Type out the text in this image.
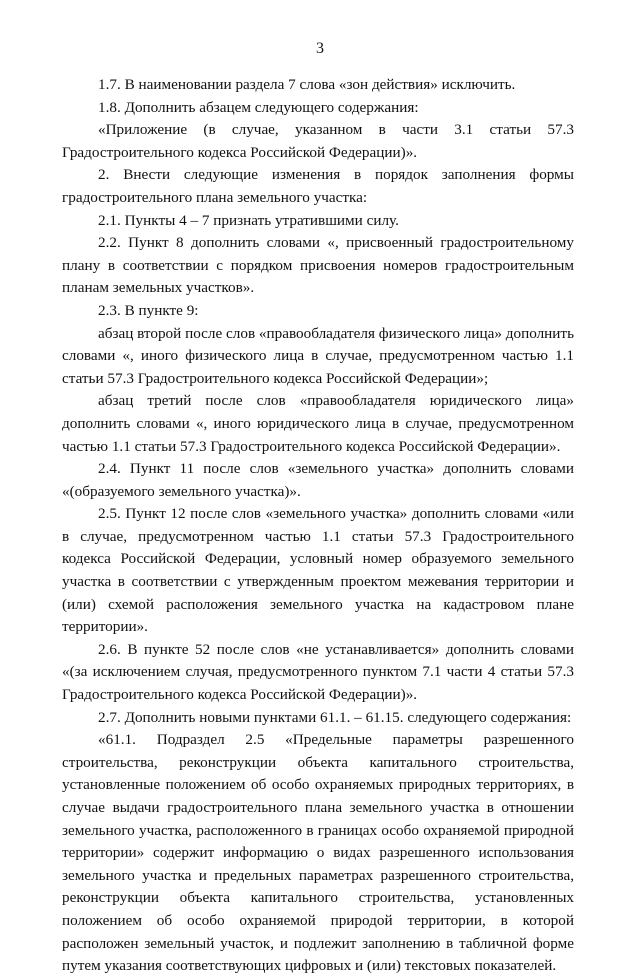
3

1.7. В наименовании раздела 7 слова «зон действия» исключить.

1.8. Дополнить абзацем следующего содержания:

«Приложение (в случае, указанном в части 3.1 статьи 57.3 Градостроительного кодекса Российской Федерации)».

2. Внести следующие изменения в порядок заполнения формы градостроительного плана земельного участка:

2.1. Пункты 4 – 7 признать утратившими силу.

2.2. Пункт 8 дополнить словами «, присвоенный градостроительному плану в соответствии с порядком присвоения номеров градостроительным планам земельных участков».

2.3. В пункте 9:

абзац второй после слов «правообладателя физического лица» дополнить словами «, иного физического лица в случае, предусмотренном частью 1.1 статьи 57.3 Градостроительного кодекса Российской Федерации»;

абзац третий после слов «правообладателя юридического лица» дополнить словами «, иного юридического лица в случае, предусмотренном частью 1.1 статьи 57.3 Градостроительного кодекса Российской Федерации».

2.4. Пункт 11 после слов «земельного участка» дополнить словами «(образуемого земельного участка)».

2.5. Пункт 12 после слов «земельного участка» дополнить словами «или в случае, предусмотренном частью 1.1 статьи 57.3 Градостроительного кодекса Российской Федерации, условный номер образуемого земельного участка в соответствии с утвержденным проектом межевания территории и (или) схемой расположения земельного участка на кадастровом плане территории».

2.6. В пункте 52 после слов «не устанавливается» дополнить словами «(за исключением случая, предусмотренного пунктом 7.1 части 4 статьи 57.3 Градостроительного кодекса Российской Федерации)».

2.7. Дополнить новыми пунктами 61.1. – 61.15. следующего содержания:

«61.1. Подраздел 2.5 «Предельные параметры разрешенного строительства, реконструкции объекта капитального строительства, установленные положением об особо охраняемых природных территориях, в случае выдачи градостроительного плана земельного участка в отношении земельного участка, расположенного в границах особо охраняемой природной территории» содержит информацию о видах разрешенного использования земельного участка и предельных параметрах разрешенного строительства, реконструкции объекта капитального строительства, установленных положением об особо охраняемой природой территории, в которой расположен земельный участок, и подлежит заполнению в табличной форме путем указания соответствующих цифровых и (или) текстовых показателей.
